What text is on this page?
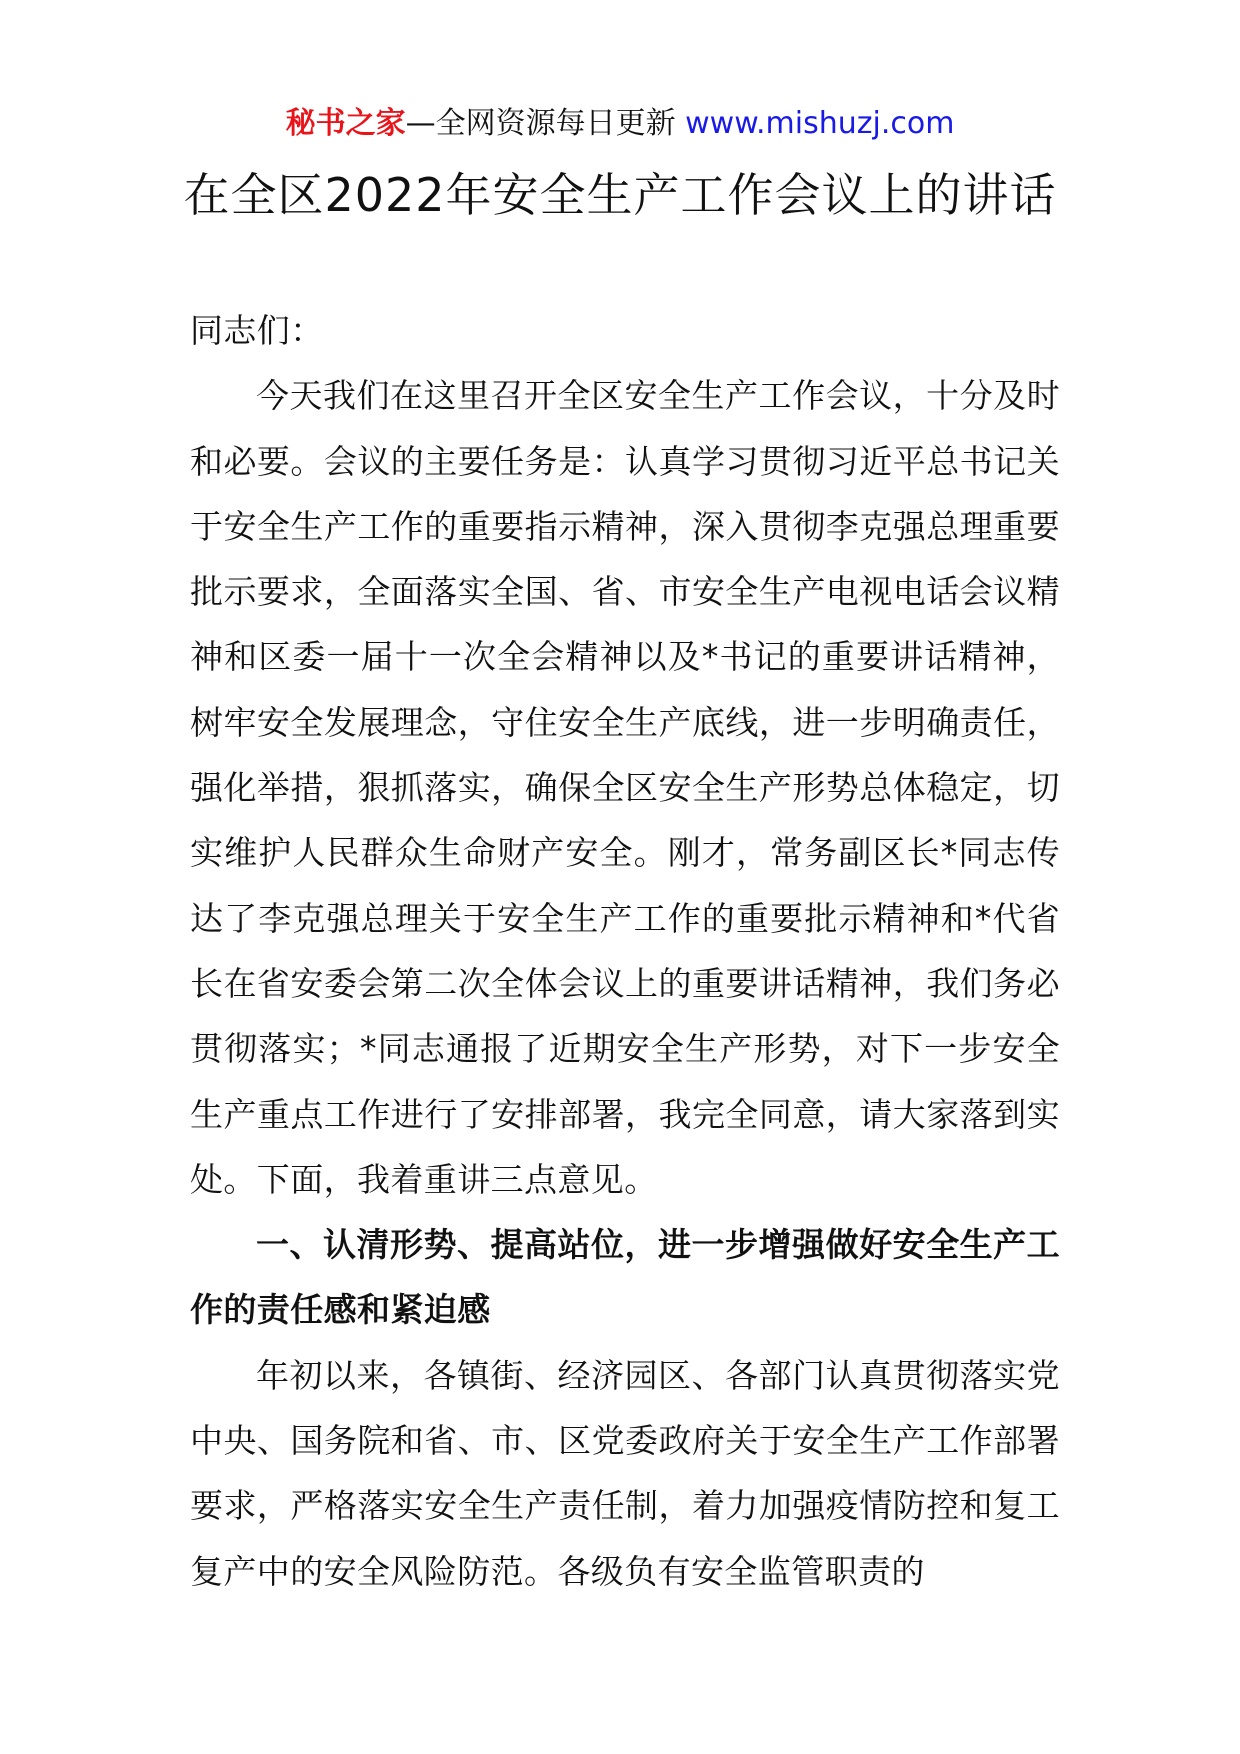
秘书之家—全网资源每日更新 www.mishuzj.com
在全区2022年安全生产工作会议上的讲话

同志们：

今天我们在这里召开全区安全生产工作会议，十分及时和必要。会议的主要任务是：认真学习贯彻习近平总书记关于安全生产工作的重要指示精神，深入贯彻李克强总理重要批示要求，全面落实全国、省、市安全生产电视电话会议精神和区委一届十一次全会精神以及*书记的重要讲话精神，树牢安全发展理念，守住安全生产底线，进一步明确责任，强化举措，狠抓落实，确保全区安全生产形势总体稳定，切实维护人民群众生命财产安全。刚才，常务副区长*同志传达了李克强总理关于安全生产工作的重要批示精神和*代省长在省安委会第二次全体会议上的重要讲话精神，我们务必贯彻落实；*同志通报了近期安全生产形势，对下一步安全生产重点工作进行了安排部署，我完全同意，请大家落到实处。下面，我着重讲三点意见。

一、认清形势、提高站位，进一步增强做好安全生产工作的责任感和紧迫感

年初以来，各镇街、经济园区、各部门认真贯彻落实党中央、国务院和省、市、区党委政府关于安全生产工作部署要求，严格落实安全生产责任制，着力加强疫情防控和复工复产中的安全风险防范。各级负有安全监管职责的
